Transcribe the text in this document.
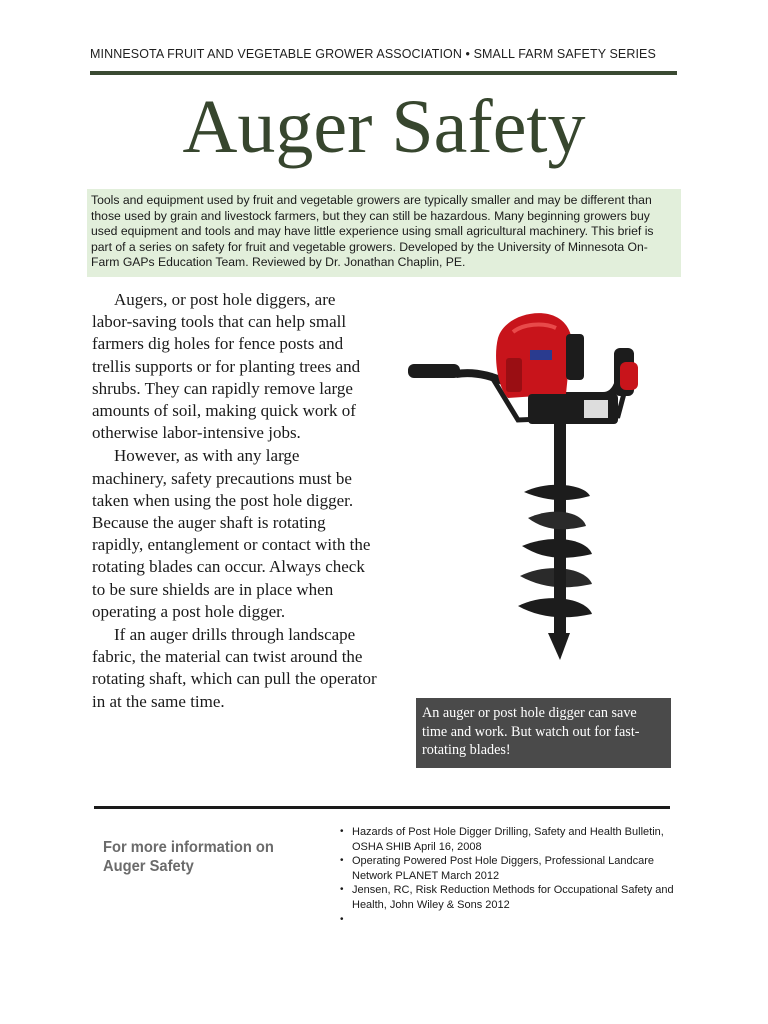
MINNESOTA FRUIT AND VEGETABLE GROWER ASSOCIATION • SMALL FARM SAFETY SERIES
Auger Safety
Tools and equipment used by fruit and vegetable growers are typically smaller and may be different than those used by grain and livestock farmers, but they can still be hazardous. Many beginning growers buy used equipment and tools and may have little experience using small agricultural machinery. This brief is part of a series on safety for fruit and vegetable growers. Developed by the University of Minnesota On-Farm GAPs Education Team. Reviewed by Dr. Jonathan Chaplin, PE.

Augers, or post hole diggers, are labor-saving tools that can help small farmers dig holes for fence posts and trellis supports or for planting trees and shrubs. They can rapidly remove large amounts of soil, making quick work of otherwise labor-intensive jobs.

However, as with any large machinery, safety precautions must be taken when using the post hole digger. Because the auger shaft is rotating rapidly, entanglement or contact with the rotating blades can occur. Always check to be sure shields are in place when operating a post hole digger.

If an auger drills through landscape fabric, the material can twist around the rotating shaft, which can pull the operator in at the same time.

An auger or post hole digger can save time and work. But watch out for fast-rotating blades!
For more information on Auger Safety
• Hazards of Post Hole Digger Drilling, Safety and Health Bulletin, OSHA SHIB April 16, 2008
• Operating Powered Post Hole Diggers, Professional Landcare Network PLANET March 2012
• Jensen, RC, Risk Reduction Methods for Occupational Safety and Health, John Wiley & Sons 2012
